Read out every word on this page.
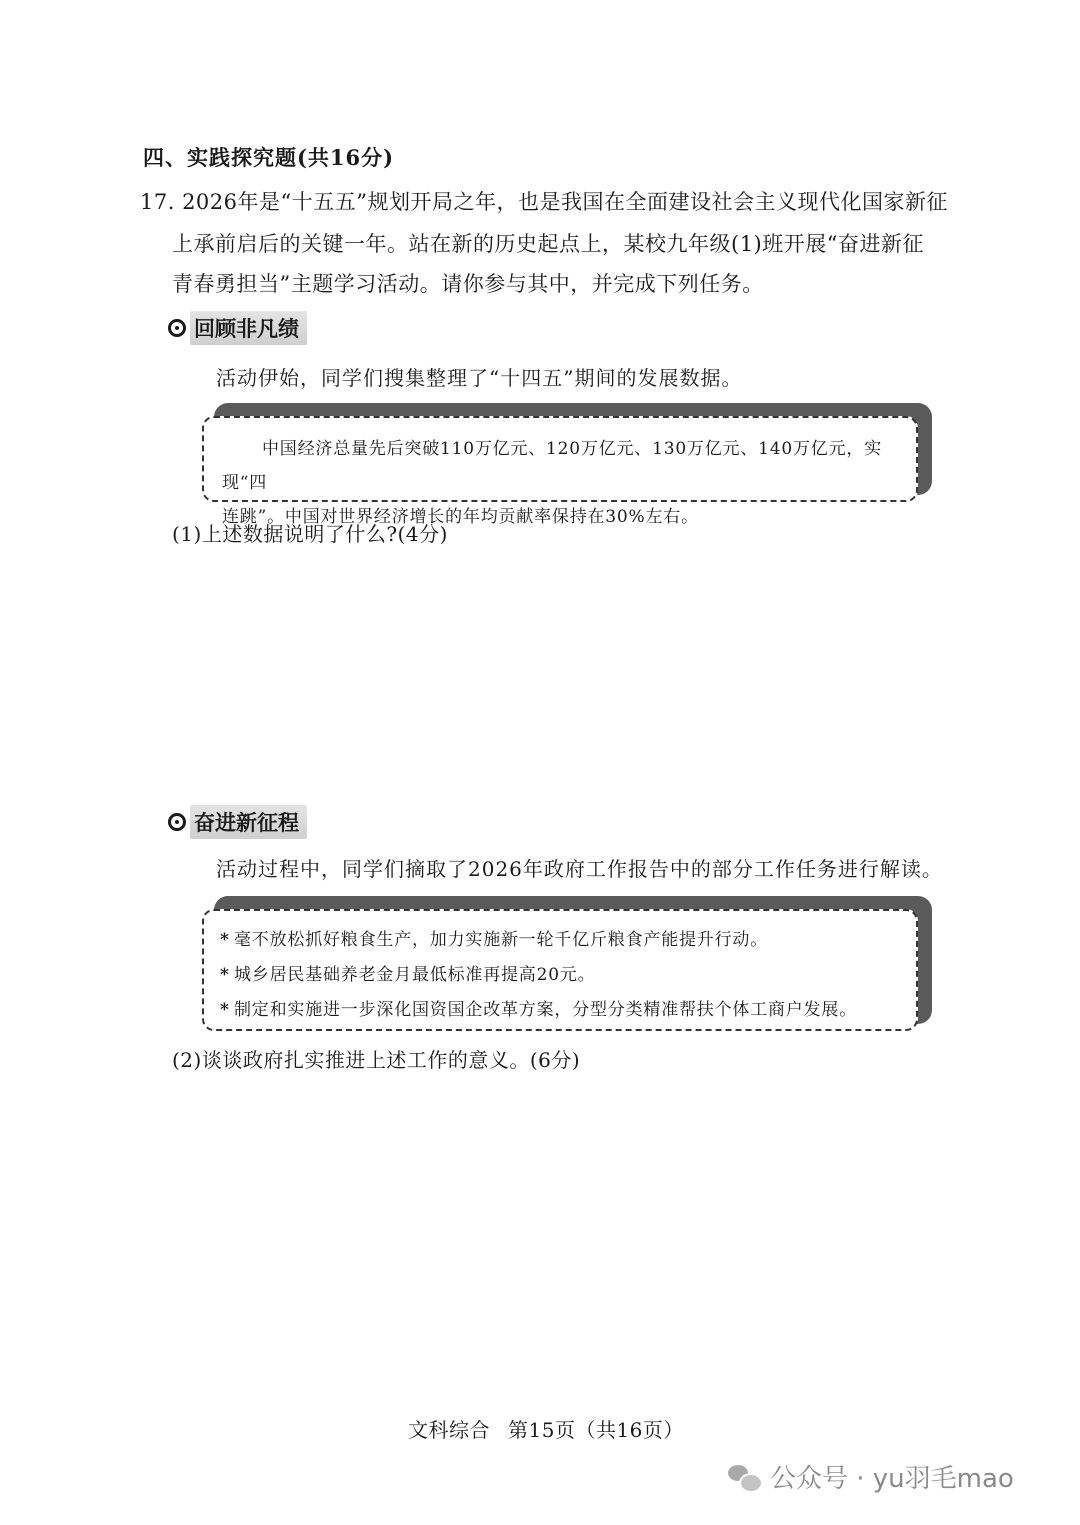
四、实践探究题(共16分)
17. 2026年是“十五五”规划开局之年，也是我国在全面建设社会主义现代化国家新征
上承前启后的关键一年。站在新的历史起点上，某校九年级(1)班开展“奋进新征
青春勇担当”主题学习活动。请你参与其中，并完成下列任务。
回顾非凡绩
活动伊始，同学们搜集整理了“十四五”期间的发展数据。
中国经济总量先后突破110万亿元、120万亿元、130万亿元、140万亿元，实现“四
连跳”。中国对世界经济增长的年均贡献率保持在30%左右。
(1)上述数据说明了什么?(4分)
奋进新征程
活动过程中，同学们摘取了2026年政府工作报告中的部分工作任务进行解读。
* 毫不放松抓好粮食生产，加力实施新一轮千亿斤粮食产能提升行动。
* 城乡居民基础养老金月最低标准再提高20元。
* 制定和实施进一步深化国资国企改革方案，分型分类精准帮扶个体工商户发展。
(2)谈谈政府扎实推进上述工作的意义。(6分)
文科综合 第15页（共16页）
公众号 · yu羽毛mao
